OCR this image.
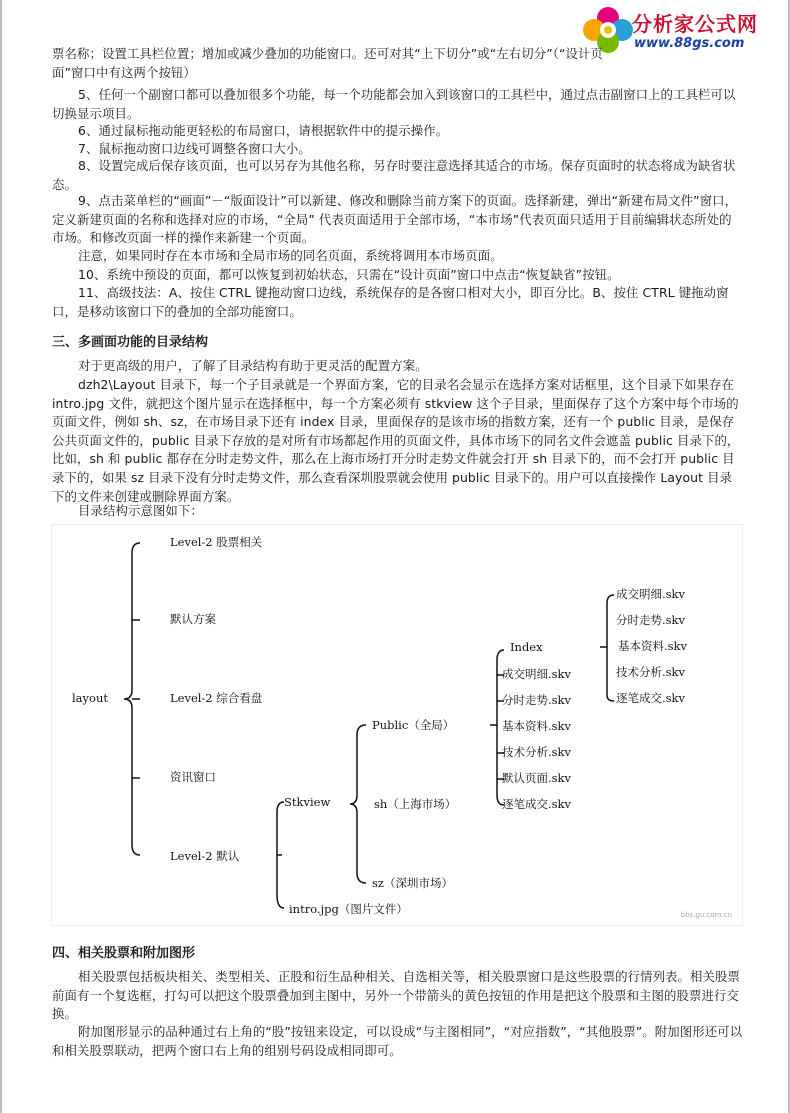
分析家公式网
www.88gs.com

票名称；设置工具栏位置；增加或减少叠加的功能窗口。还可对其“上下切分”或“左右切分”（“设计页面”窗口中有这两个按钮）

5、任何一个副窗口都可以叠加很多个功能，每一个功能都会加入到该窗口的工具栏中，通过点击副窗口上的工具栏可以切换显示项目。

6、通过鼠标拖动能更轻松的布局窗口，请根据软件中的提示操作。

7、鼠标拖动窗口边线可调整各窗口大小。

8、设置完成后保存该页面，也可以另存为其他名称，另存时要注意选择其适合的市场。保存页面时的状态将成为缺省状态。

9、点击菜单栏的“画面”－“版面设计”可以新建、修改和删除当前方案下的页面。选择新建，弹出“新建布局文件”窗口，定义新建页面的名称和选择对应的市场，“全局” 代表页面适用于全部市场，“本市场”代表页面只适用于目前编辑状态所处的市场。和修改页面一样的操作来新建一个页面。

注意，如果同时存在本市场和全局市场的同名页面，系统将调用本市场页面。

10、系统中预设的页面，都可以恢复到初始状态，只需在“设计页面”窗口中点击“恢复缺省”按钮。

11、高级技法：A、按住 CTRL 键拖动窗口边线，系统保存的是各窗口相对大小，即百分比。B、按住 CTRL 键拖动窗口，是移动该窗口下的叠加的全部功能窗口。

三、多画面功能的目录结构

对于更高级的用户，了解了目录结构有助于更灵活的配置方案。

dzh2\Layout 目录下，每一个子目录就是一个界面方案，它的目录名会显示在选择方案对话框里，这个目录下如果存在 intro.jpg 文件，就把这个图片显示在选择框中，每一个方案必须有 stkview 这个子目录，里面保存了这个方案中每个市场的页面文件，例如 sh、sz，在市场目录下还有 index 目录，里面保存的是该市场的指数方案，还有一个 public 目录，是保存公共页面文件的，public 目录下存放的是对所有市场都起作用的页面文件，具体市场下的同名文件会遮盖 public 目录下的，比如，sh 和 public 都存在分时走势文件，那么在上海市场打开分时走势文件就会打开 sh 目录下的，而不会打开 public 目录下的，如果 sz 目录下没有分时走势文件，那么查看深圳股票就会使用 public 目录下的。用户可以直接操作 Layout 目录下的文件来创建或删除界面方案。

目录结构示意图如下：

layout
Level-2 股票相关
默认方案
Level-2 综合看盘
资讯窗口
Level-2 默认
Stkview
intro.jpg（图片文件）
Public（全局）
sh（上海市场）
sz（深圳市场）
Index
成交明细.skv
分时走势.skv
基本资料.skv
技术分析.skv
默认页面.skv
逐笔成交.skv
成交明细.skv
分时走势.skv
基本资料.skv
技术分析.skv
逐笔成交.skv
bbs.gu.com.cn

四、相关股票和附加图形

相关股票包括板块相关、类型相关、正股和衍生品种相关、自选相关等，相关股票窗口是这些股票的行情列表。相关股票前面有一个复选框，打勾可以把这个股票叠加到主图中，另外一个带箭头的黄色按钮的作用是把这个股票和主图的股票进行交换。

附加图形显示的品种通过右上角的“股”按钮来设定，可以设成“与主图相同”，“对应指数”，“其他股票”。附加图形还可以和相关股票联动，把两个窗口右上角的组别号码设成相同即可。
